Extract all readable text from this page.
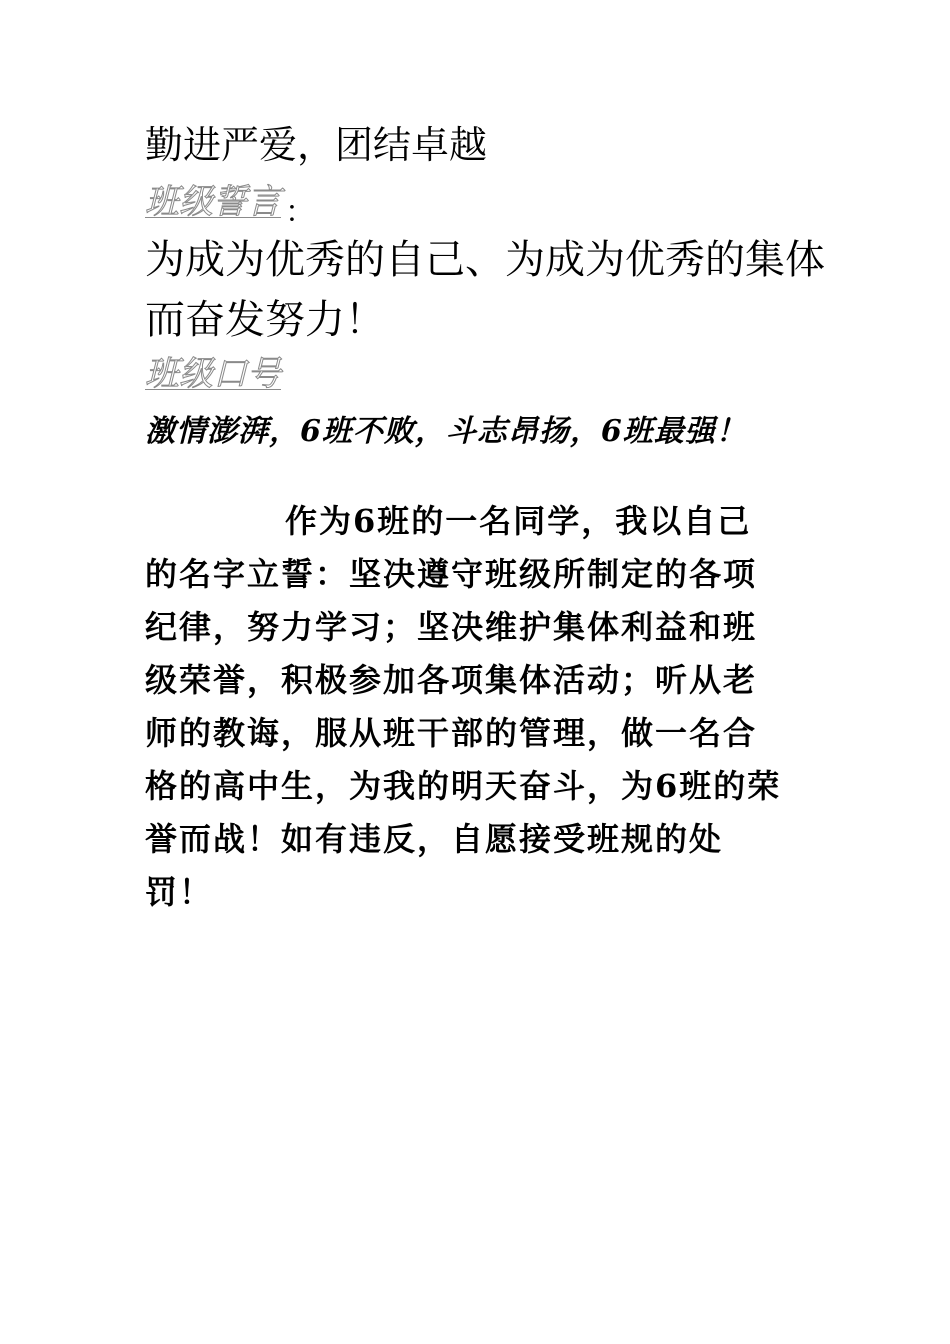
勤进严爱，团结卓越
班级誓言 ：
为成为优秀的自己、为成为优秀的集体
而奋发努力！
班级口号
激情澎湃，6班不败，斗志昂扬，6班最强！

作为6班的一名同学，我以自己的名字立誓：坚决遵守班级所制定的各项纪律，努力学习；坚决维护集体利益和班级荣誉，积极参加各项集体活动；听从老师的教诲，服从班干部的管理，做一名合格的高中生，为我的明天奋斗，为6班的荣誉而战！如有违反，自愿接受班规的处罚！
